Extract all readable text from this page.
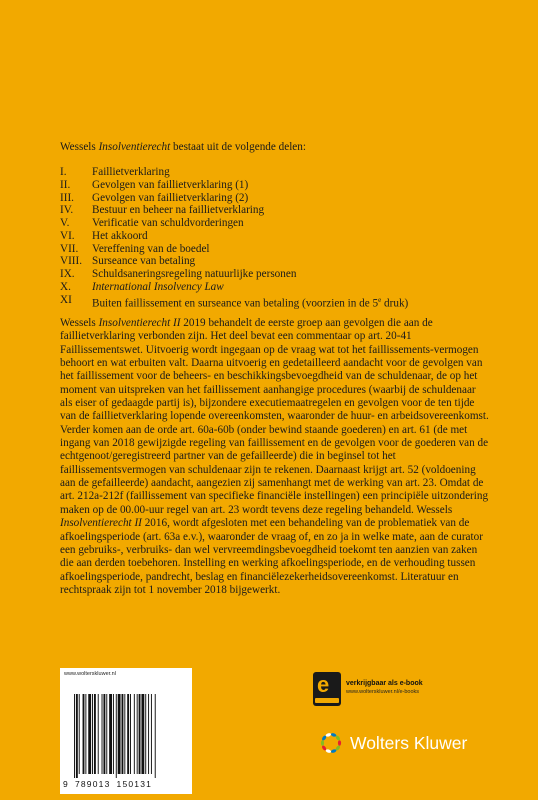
Wessels Insolventierecht bestaat uit de volgende delen:

I.	Faillietverklaring
II.	Gevolgen van faillietverklaring (1)
III.	Gevolgen van faillietverklaring (2)
IV.	Bestuur en beheer na faillietverklaring
V.	Verificatie van schuldvorderingen
VI.	Het akkoord
VII.	Vereffening van de boedel
VIII. Surseance van betaling
IX.	Schuldsaneringsregeling natuurlijke personen
X.	International Insolvency Law
XI	Buiten faillissement en surseance van betaling (voorzien in de 5e druk)

Wessels Insolventierecht II 2019 behandelt de eerste groep aan gevolgen die aan de faillietverklaring verbonden zijn. Het deel bevat een commentaar op art. 20-41 Faillissementswet. Uitvoerig wordt ingegaan op de vraag wat tot het faillissements-vermogen behoort en wat erbuiten valt. Daarna uitvoerig en gedetailleerd aandacht voor de gevolgen van het faillissement voor de beheers- en beschikkingsbevoegdheid van de schuldenaar, de op het moment van uitspreken van het faillissement aanhangige procedures (waarbij de schuldenaar als eiser of gedaagde partij is), bijzondere executiemaatregelen en gevolgen voor de ten tijde van de faillietverklaring lopende overeenkomsten, waaronder de huur- en arbeidsovereenkomst.

Verder komen aan de orde art. 60a-60b (onder bewind staande goederen) en art. 61 (de met ingang van 2018 gewijzigde regeling van faillissement en de gevolgen voor de goederen van de echtgenoot/geregistreerd partner van de gefailleerde) die in beginsel tot het faillissementsvermogen van schuldenaar zijn te rekenen. Daarnaast krijgt art. 52 (voldoening aan de gefailleerde) aandacht, aangezien zij samenhangt met de werking van art. 23. Omdat de art. 212a-212f (faillissement van specifieke financiële instellingen) een principiële uitzondering maken op de 00.00-uur regel van art. 23 wordt tevens deze regeling behandeld. Wessels Insolventierecht II 2016, wordt afgesloten met een behandeling van de problematiek van de afkoelingsperiode (art. 63a e.v.), waaronder de vraag of, en zo ja in welke mate, aan de curator een gebruiks-, verbruiks- dan wel vervreemdingsbevoegdheid toekomt ten aanzien van zaken die aan derden toebehoren. Instelling en werking afkoelingsperiode, en de verhouding tussen afkoelingsperiode, pandrecht, beslag en financiëlezekerheidsovereenkomst. Literatuur en rechtspraak zijn tot 1 november 2018 bijgewerkt.

www.wolterskluwer.nl
9 789013 150131
e verkrijgbaar als e-book
www.wolterskluwer.nl/e-books
Wolters Kluwer
